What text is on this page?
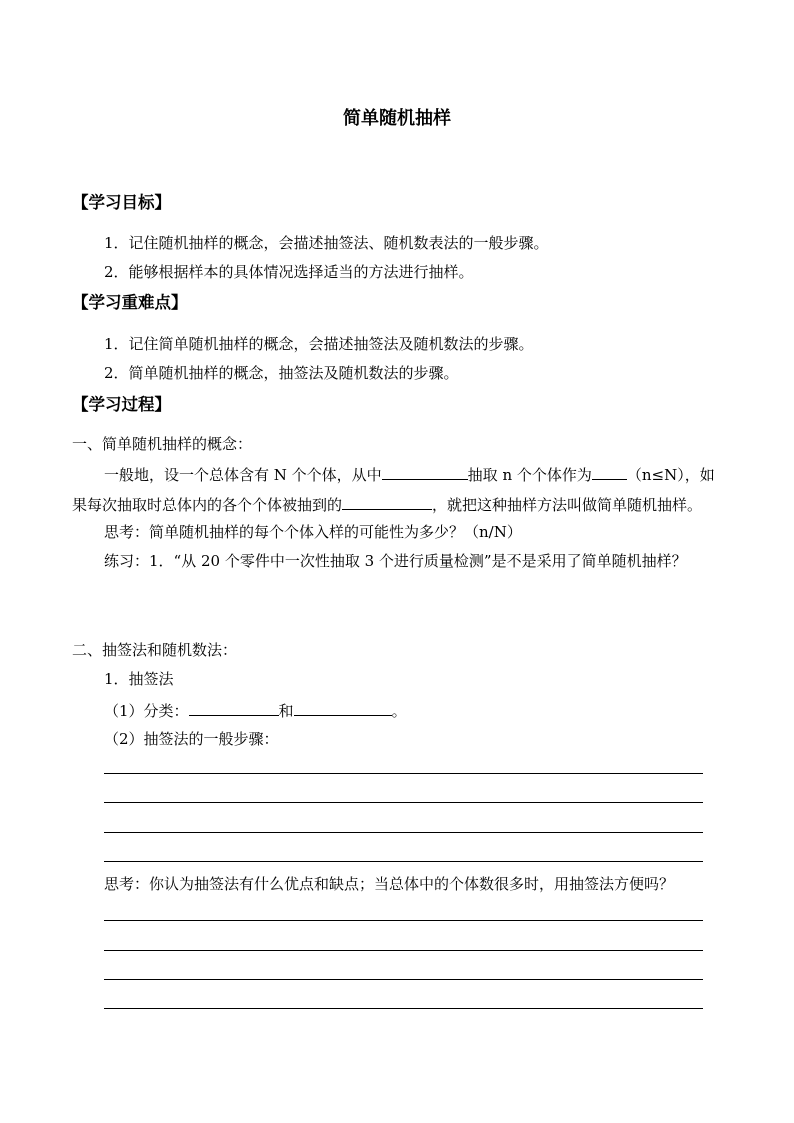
简单随机抽样
【学习目标】
1．记住随机抽样的概念，会描述抽签法、随机数表法的一般步骤。
2．能够根据样本的具体情况选择适当的方法进行抽样。
【学习重难点】
1．记住简单随机抽样的概念，会描述抽签法及随机数法的步骤。
2．简单随机抽样的概念，抽签法及随机数法的步骤。
【学习过程】
一、简单随机抽样的概念：
一般地，设一个总体含有 N 个个体，从中	抽取 n 个个体作为 （n≤N），如
果每次抽取时总体内的各个个体被抽到的	，就把这种抽样方法叫做简单随机抽样。
思考：简单随机抽样的每个个体入样的可能性为多少？（n/N）
练习：1．“从 20 个零件中一次性抽取 3 个进行质量检测”是不是采用了简单随机抽样？
二、抽签法和随机数法：
1．抽签法
（1）分类：	和	。
（2）抽签法的一般步骤：
思考：你认为抽签法有什么优点和缺点；当总体中的个体数很多时，用抽签法方便吗？
